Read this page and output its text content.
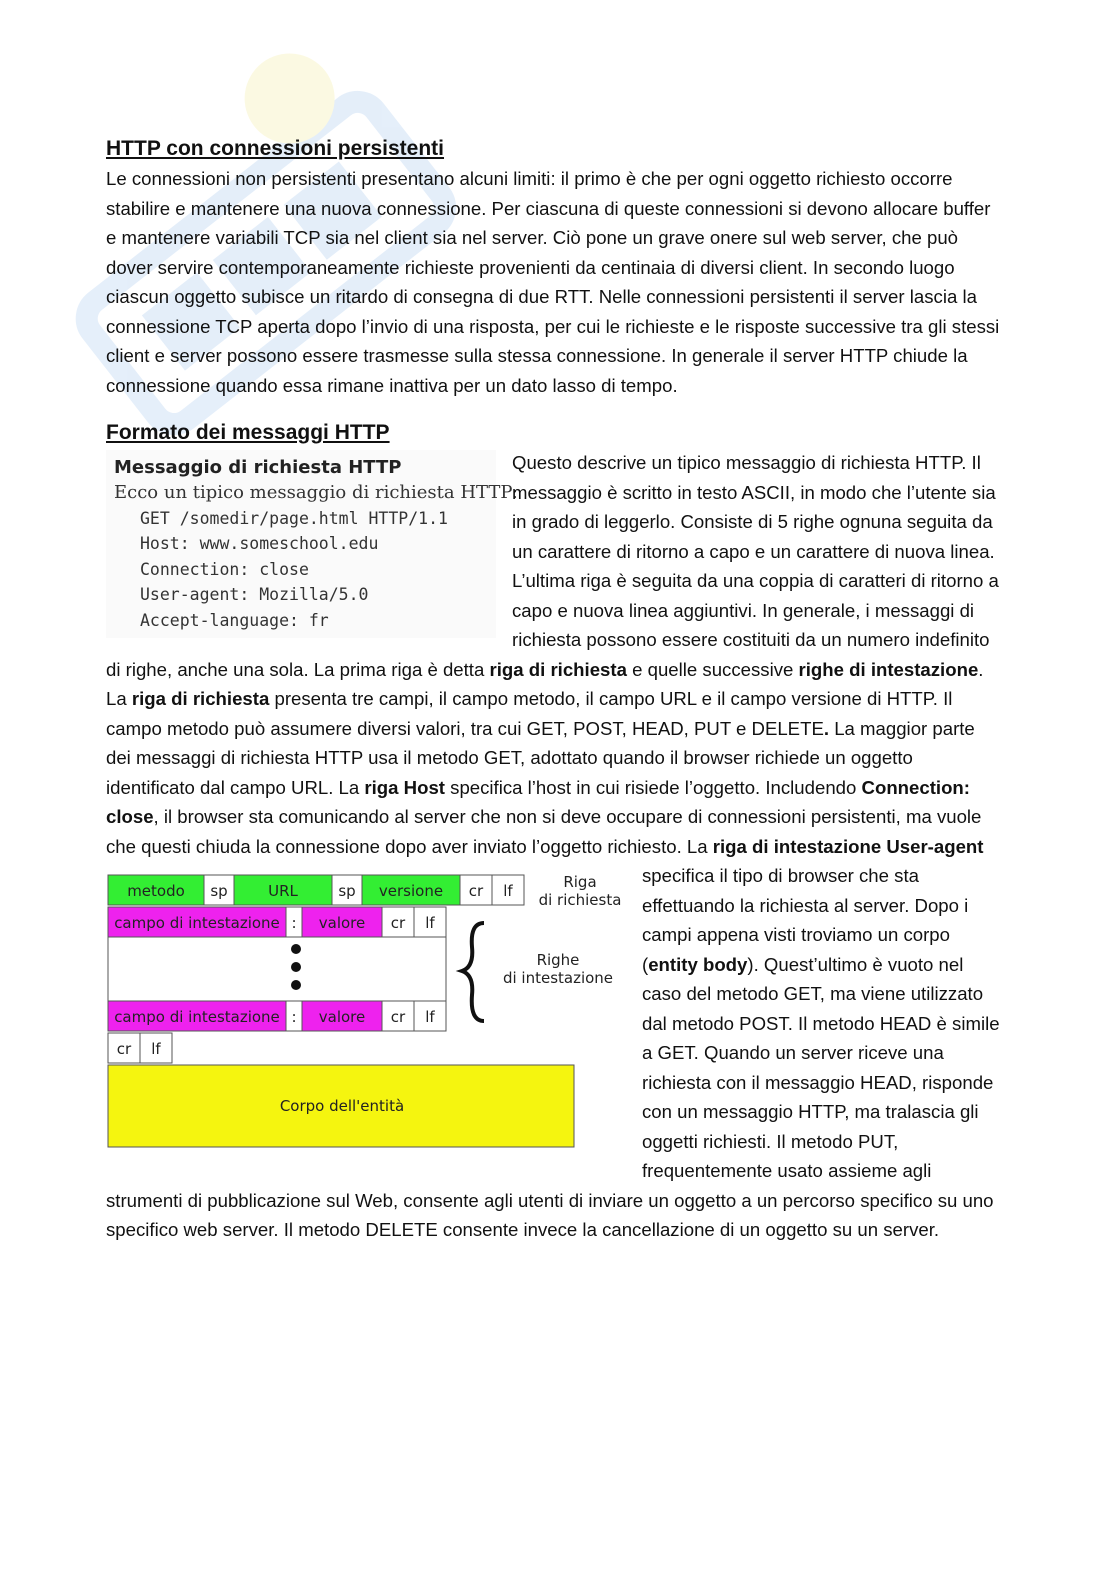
HTTP con connessioni persistenti

Le connessioni non persistenti presentano alcuni limiti: il primo è che per ogni oggetto richiesto occorre stabilire e mantenere una nuova connessione. Per ciascuna di queste connessioni si devono allocare buffer e mantenere variabili TCP sia nel client sia nel server. Ciò pone un grave onere sul web server, che può dover servire contemporaneamente richieste provenienti da centinaia di diversi client. In secondo luogo ciascun oggetto subisce un ritardo di consegna di due RTT. Nelle connessioni persistenti il server lascia la connessione TCP aperta dopo l’invio di una risposta, per cui le richieste e le risposte successive tra gli stessi client e server possono essere trasmesse sulla stessa connessione. In generale il server HTTP chiude la connessione quando essa rimane inattiva per un dato lasso di tempo.

Formato dei messaggi HTTP
Messaggio di richiesta HTTP
Ecco un tipico messaggio di richiesta HTTP:
GET /somedir/page.html HTTP/1.1
Host: www.someschool.edu
Connection: close
User-agent: Mozilla/5.0
Accept-language: fr

Questo descrive un tipico messaggio di richiesta HTTP. Il messaggio è scritto in testo ASCII, in modo che l’utente sia in grado di leggerlo. Consiste di 5 righe ognuna seguita da un carattere di ritorno a capo e un carattere di nuova linea. L’ultima riga è seguita da una coppia di caratteri di ritorno a capo e nuova linea aggiuntivi. In generale, i messaggi di richiesta possono essere costituiti da un numero indefinito di righe, anche una sola. La prima riga è detta riga di richiesta e quelle successive righe di intestazione. La riga di richiesta presenta tre campi, il campo metodo, il campo URL e il campo versione di HTTP. Il campo metodo può assumere diversi valori, tra cui GET, POST, HEAD, PUT e DELETE. La maggior parte dei messaggi di richiesta HTTP usa il metodo GET, adottato quando il browser richiede un oggetto identificato dal campo URL. La riga Host specifica l’host in cui risiede l’oggetto. Includendo Connection: close, il browser sta comunicando al server che non si deve occupare di connessioni persistenti, ma vuole che questi chiuda la connessione dopo aver inviato l’oggetto richiesto. La riga di intestazione User-agent

metodo sp	URL	sp versione cr lf
campo di intestazione : valore cr lf
campo di intestazione : valore cr lf
cr lf
Corpo dell'entità
Riga
di richiesta
Righe
di intestazione

specifica il tipo di browser che sta effettuando la richiesta al server. Dopo i campi appena visti troviamo un corpo (entity body). Quest’ultimo è vuoto nel caso del metodo GET, ma viene utilizzato dal metodo POST. Il metodo HEAD è simile a GET. Quando un server riceve una richiesta con il messaggio HEAD, risponde con un messaggio HTTP, ma tralascia gli oggetti richiesti. Il metodo PUT, frequentemente usato assieme agli strumenti di pubblicazione sul Web, consente agli utenti di inviare un oggetto a un percorso specifico su uno specifico web server. Il metodo DELETE consente invece la cancellazione di un oggetto su un server.
